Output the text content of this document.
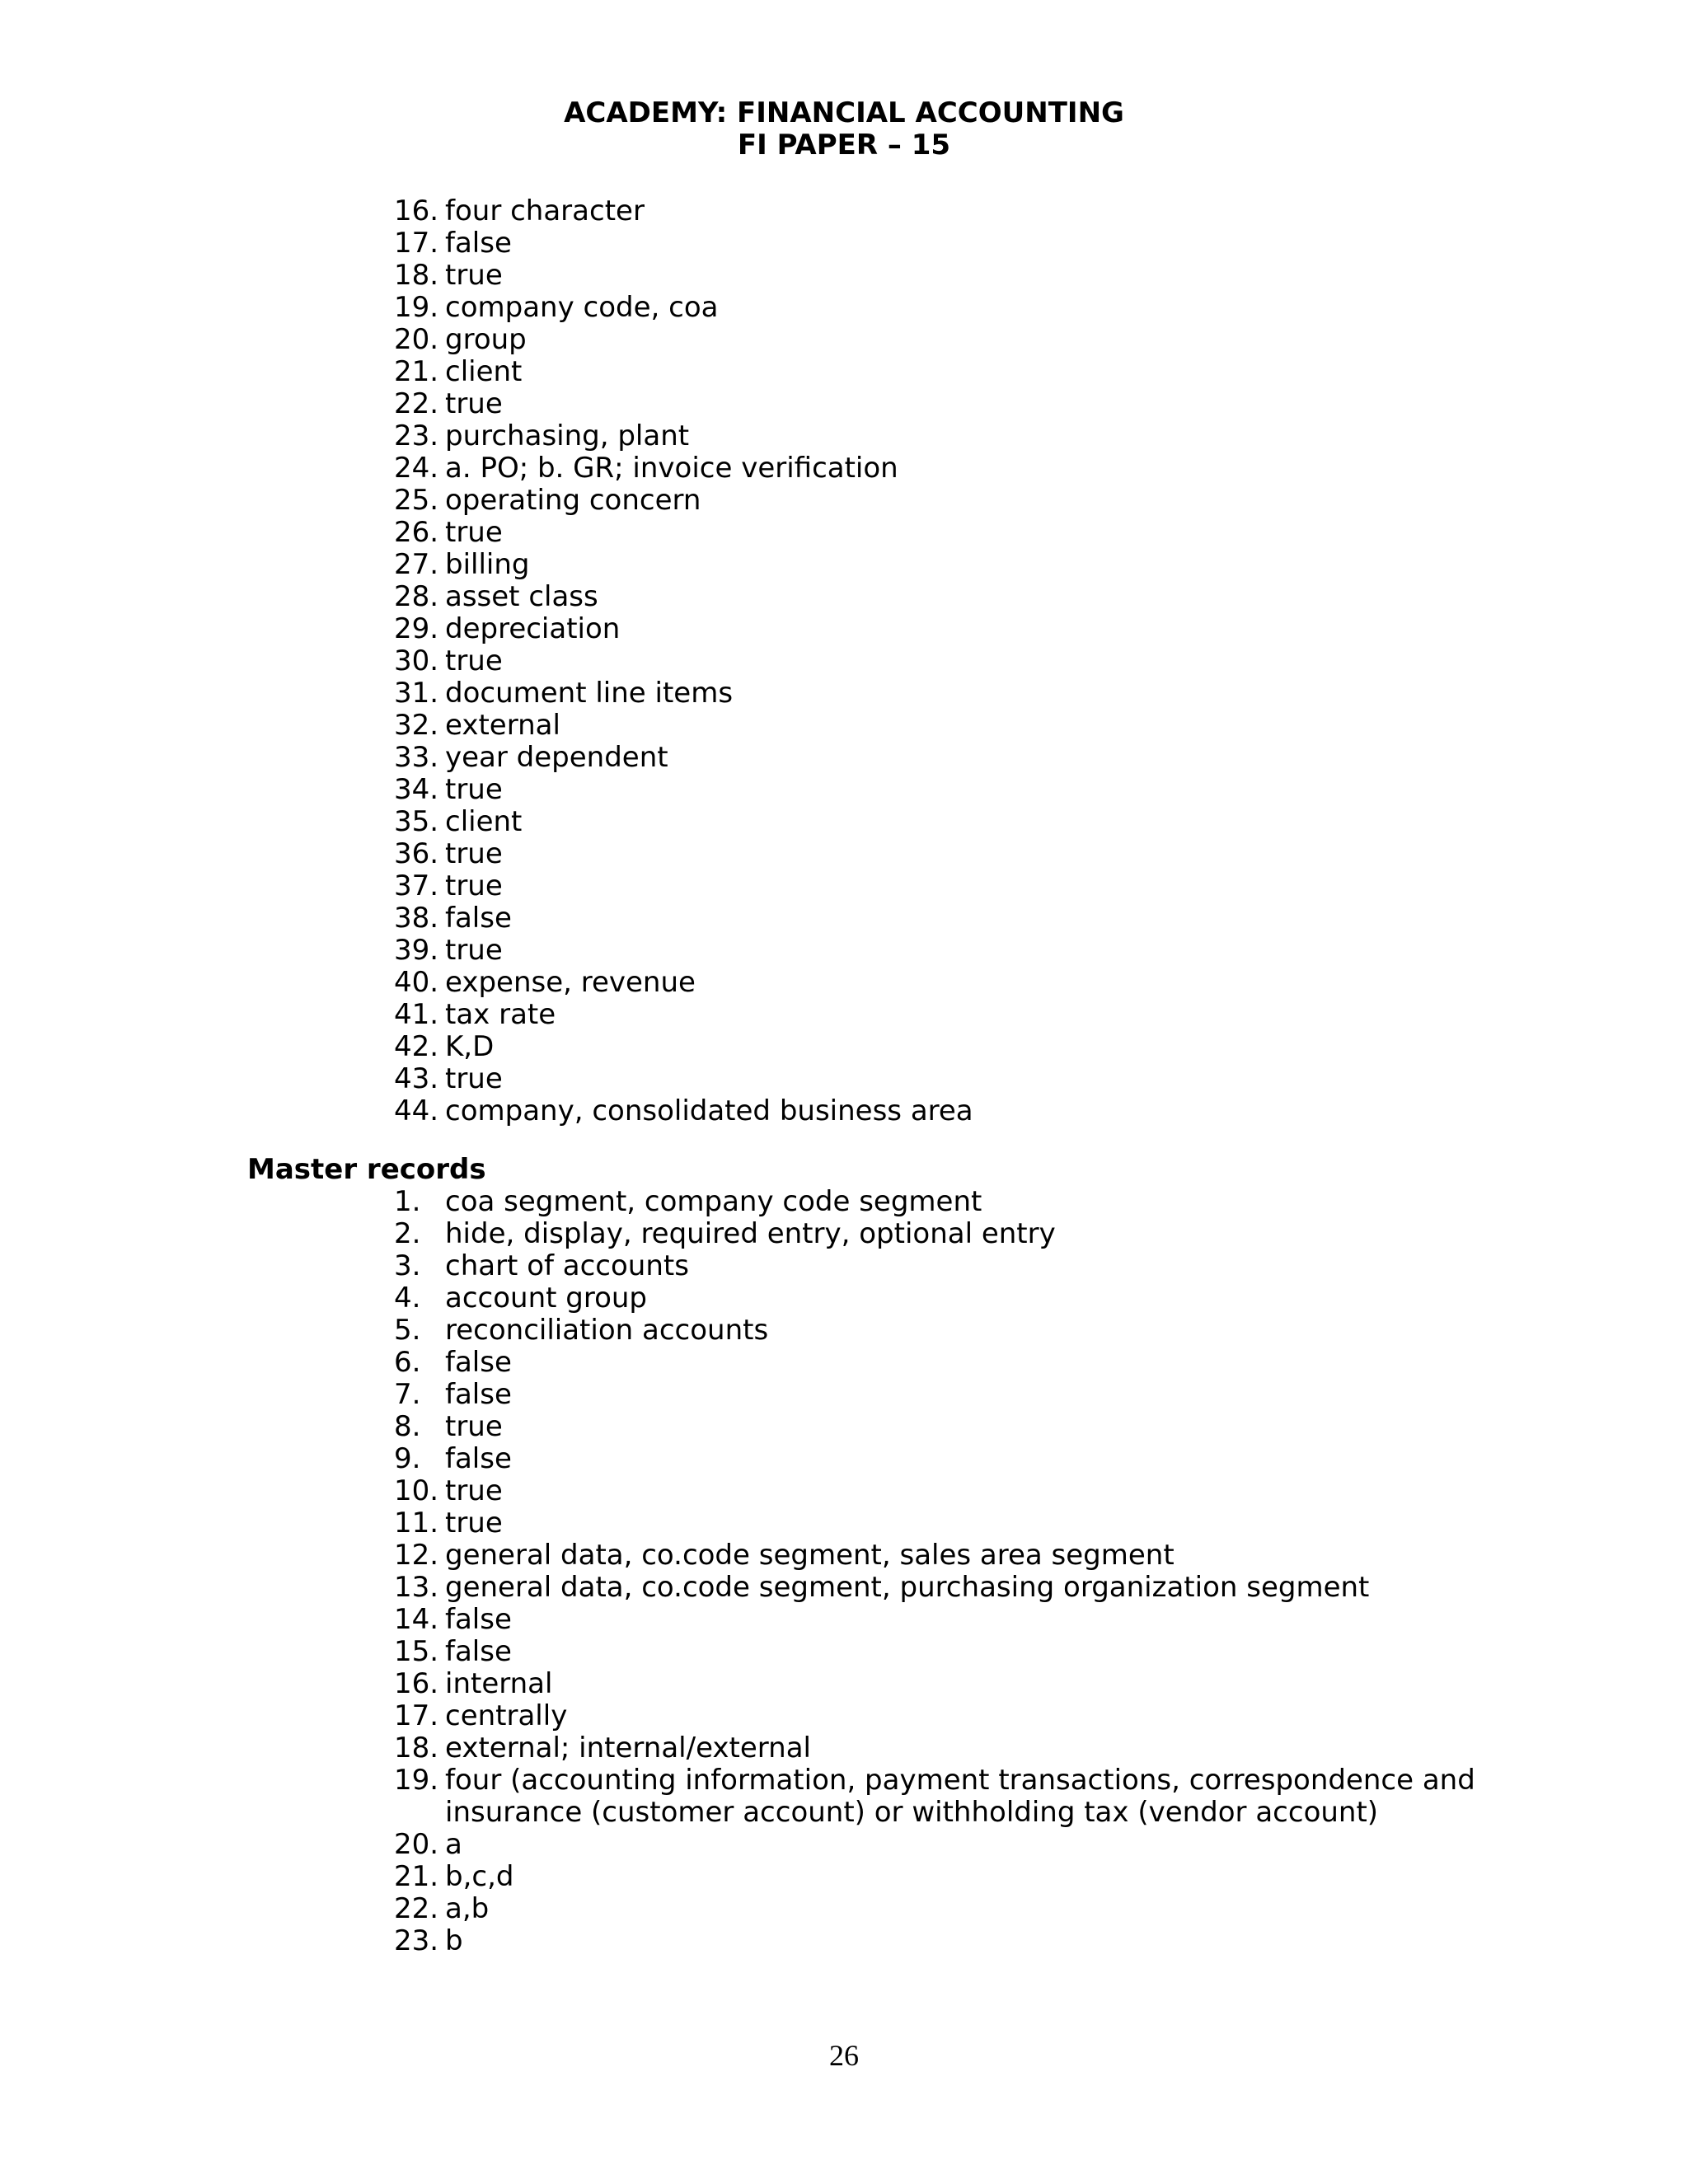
ACADEMY: FINANCIAL ACCOUNTING
FI PAPER – 15
16. four character
17. false
18. true
19. company code, coa
20. group
21. client
22. true
23. purchasing, plant
24. a. PO; b. GR; invoice verification
25. operating concern
26. true
27. billing
28. asset class
29. depreciation
30. true
31. document line items
32. external
33. year dependent
34. true
35. client
36. true
37. true
38. false
39. true
40. expense, revenue
41. tax rate
42. K,D
43. true
44. company, consolidated business area
Master records
1. coa segment, company code segment
2. hide, display, required entry, optional entry
3. chart of accounts
4. account group
5. reconciliation accounts
6. false
7. false
8. true
9. false
10. true
11. true
12. general data, co.code segment, sales area segment
13. general data, co.code segment, purchasing organization segment
14. false
15. false
16. internal
17. centrally
18. external; internal/external
19. four (accounting information, payment transactions, correspondence and insurance (customer account) or withholding tax (vendor account)
20. a
21. b,c,d
22. a,b
23. b
26
